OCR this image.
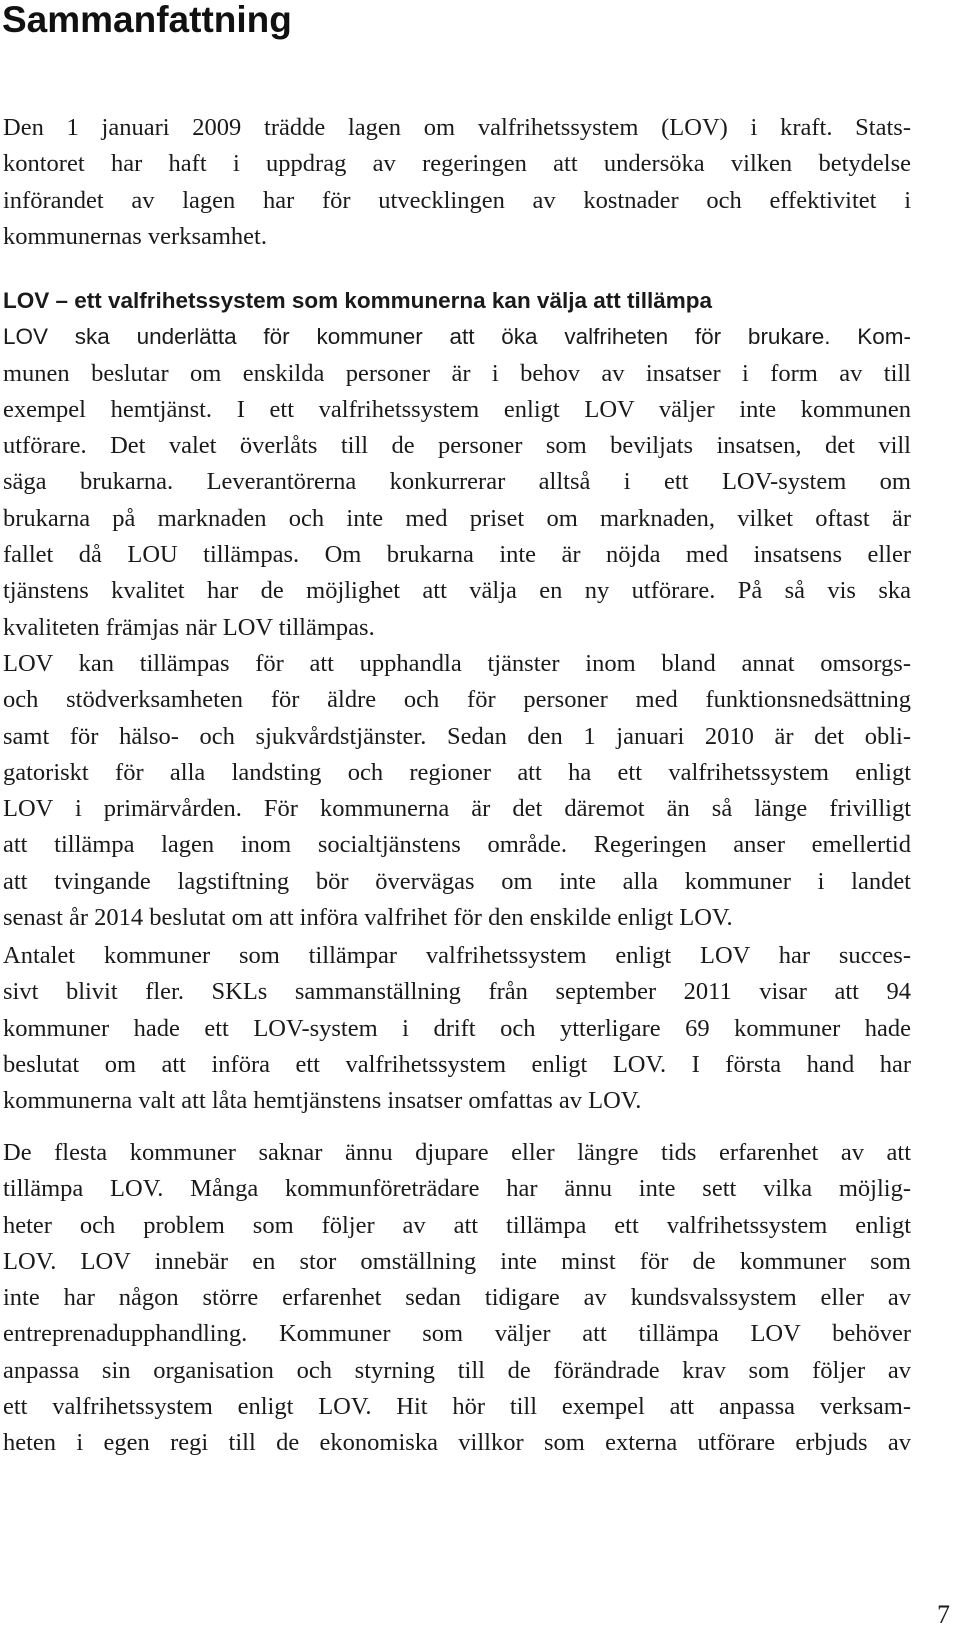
Sammanfattning
Den 1 januari 2009 trädde lagen om valfrihetssystem (LOV) i kraft. Stats-
kontoret har haft i uppdrag av regeringen att undersöka vilken betydelse
införandet av lagen har för utvecklingen av kostnader och effektivitet i
kommunernas verksamhet.
LOV – ett valfrihetssystem som kommunerna kan välja att tillämpa
LOV ska underlätta för kommuner att öka valfriheten för brukare. Kom-
munen beslutar om enskilda personer är i behov av insatser i form av till
exempel hemtjänst. I ett valfrihetssystem enligt LOV väljer inte kommunen
utförare. Det valet överlåts till de personer som beviljats insatsen, det vill
säga brukarna. Leverantörerna konkurrerar alltså i ett LOV-system om
brukarna på marknaden och inte med priset om marknaden, vilket oftast är
fallet då LOU tillämpas. Om brukarna inte är nöjda med insatsens eller
tjänstens kvalitet har de möjlighet att välja en ny utförare. På så vis ska
kvaliteten främjas när LOV tillämpas.
LOV kan tillämpas för att upphandla tjänster inom bland annat omsorgs-
och stödverksamheten för äldre och för personer med funktionsnedsättning
samt för hälso- och sjukvårdstjänster. Sedan den 1 januari 2010 är det obli-
gatoriskt för alla landsting och regioner att ha ett valfrihetssystem enligt
LOV i primärvården. För kommunerna är det däremot än så länge frivilligt
att tillämpa lagen inom socialtjänstens område. Regeringen anser emellertid
att tvingande lagstiftning bör övervägas om inte alla kommuner i landet
senast år 2014 beslutat om att införa valfrihet för den enskilde enligt LOV.
Antalet kommuner som tillämpar valfrihetssystem enligt LOV har succes-
sivt blivit fler. SKLs sammanställning från september 2011 visar att 94
kommuner hade ett LOV-system i drift och ytterligare 69 kommuner hade
beslutat om att införa ett valfrihetssystem enligt LOV. I första hand har
kommunerna valt att låta hemtjänstens insatser omfattas av LOV.
De flesta kommuner saknar ännu djupare eller längre tids erfarenhet av att
tillämpa LOV. Många kommunföreträdare har ännu inte sett vilka möjlig-
heter och problem som följer av att tillämpa ett valfrihetssystem enligt
LOV. LOV innebär en stor omställning inte minst för de kommuner som
inte har någon större erfarenhet sedan tidigare av kundsvalssystem eller av
entreprenadupphandling. Kommuner som väljer att tillämpa LOV behöver
anpassa sin organisation och styrning till de förändrade krav som följer av
ett valfrihetssystem enligt LOV. Hit hör till exempel att anpassa verksam-
heten i egen regi till de ekonomiska villkor som externa utförare erbjuds av
7
